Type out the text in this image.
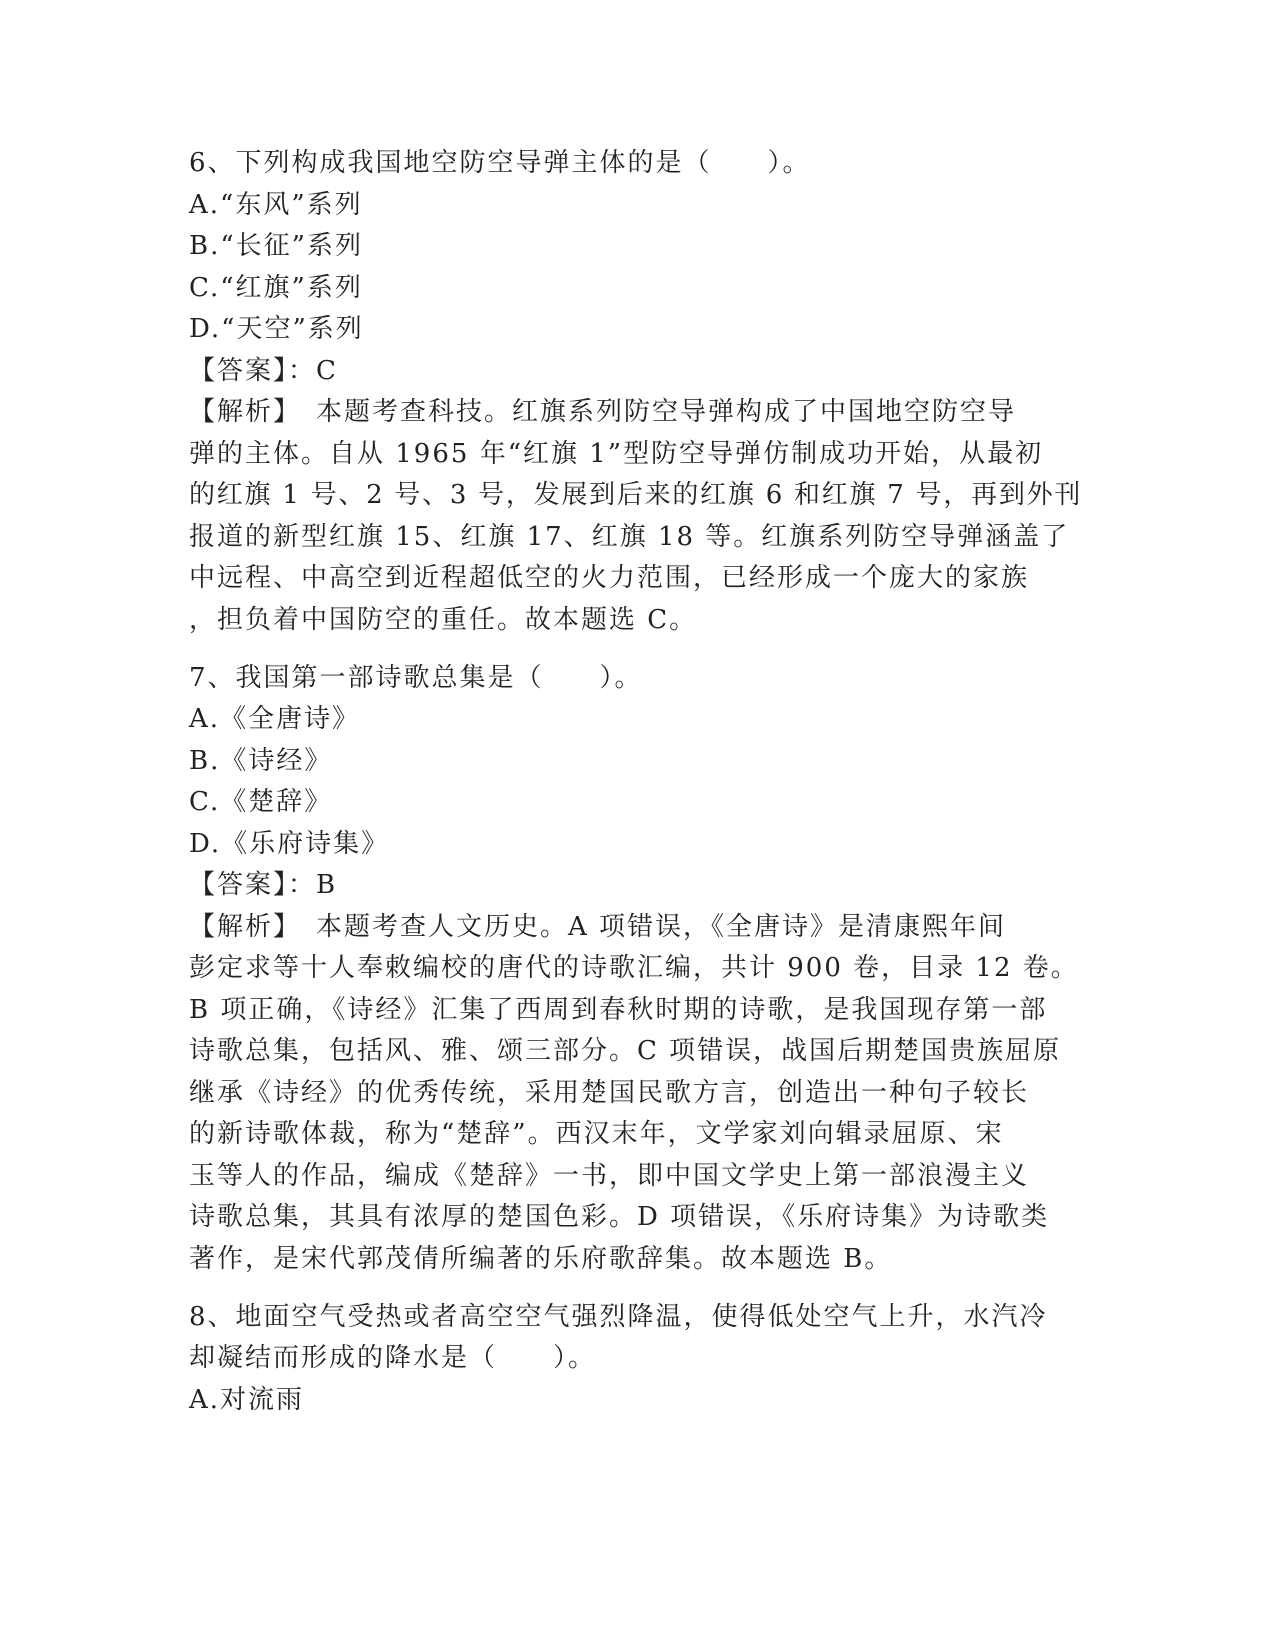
6、下列构成我国地空防空导弹主体的是（　　）。
A.“东风”系列
B.“长征”系列
C.“红旗”系列
D.“天空”系列
【答案】：C
【解析】　本题考查科技。红旗系列防空导弹构成了中国地空防空导
弹的主体。自从 1965 年“红旗 1”型防空导弹仿制成功开始，从最初
的红旗 1 号、2 号、3 号，发展到后来的红旗 6 和红旗 7 号，再到外刊
报道的新型红旗 15、红旗 17、红旗 18 等。红旗系列防空导弹涵盖了
中远程、中高空到近程超低空的火力范围，已经形成一个庞大的家族
，担负着中国防空的重任。故本题选 C。
7、我国第一部诗歌总集是（　　）。
A.《全唐诗》
B.《诗经》
C.《楚辞》
D.《乐府诗集》
【答案】：B
【解析】　本题考查人文历史。A 项错误，《全唐诗》是清康熙年间
彭定求等十人奉敕编校的唐代的诗歌汇编，共计 900 卷，目录 12 卷。
B 项正确，《诗经》汇集了西周到春秋时期的诗歌，是我国现存第一部
诗歌总集，包括风、雅、颂三部分。C 项错误，战国后期楚国贵族屈原
继承《诗经》的优秀传统，采用楚国民歌方言，创造出一种句子较长
的新诗歌体裁，称为“楚辞”。西汉末年，文学家刘向辑录屈原、宋
玉等人的作品，编成《楚辞》一书，即中国文学史上第一部浪漫主义
诗歌总集，其具有浓厚的楚国色彩。D 项错误，《乐府诗集》为诗歌类
著作，是宋代郭茂倩所编著的乐府歌辞集。故本题选 B。
8、地面空气受热或者高空空气强烈降温，使得低处空气上升，水汽冷
却凝结而形成的降水是（　　）。
A.对流雨
